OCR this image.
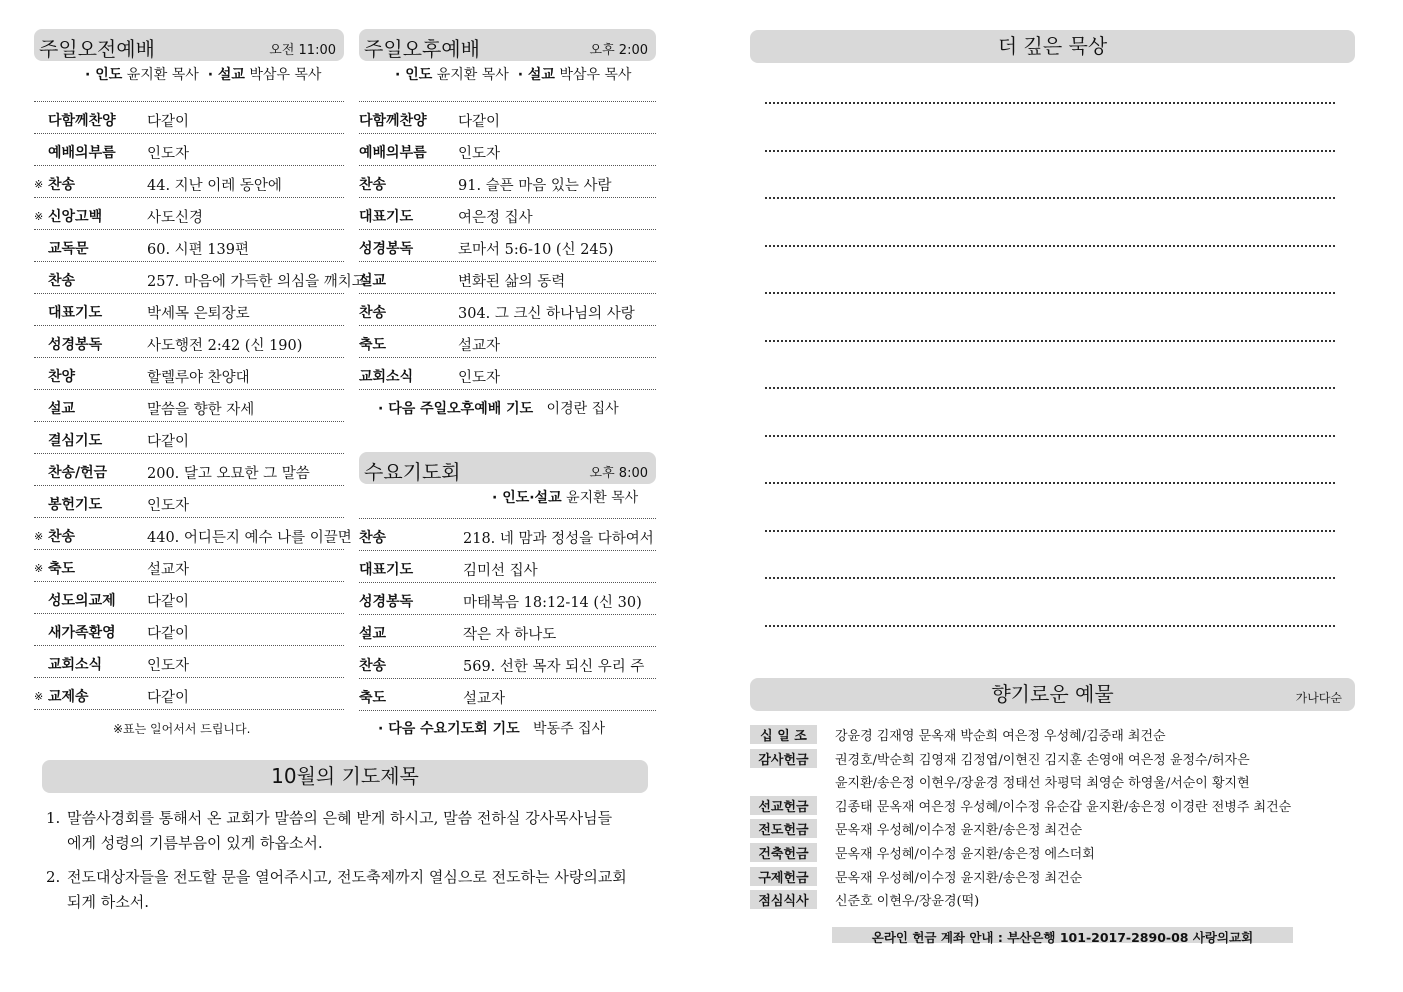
주일오전예배	오전 11:00
· 인도 윤지환 목사 · 설교 박삼우 목사
다함께찬양	다같이
예배의부름	인도자
※ 찬송	44. 지난 이레 동안에
※ 신앙고백	사도신경
교독문	60. 시편 139편
찬송	257. 마음에 가득한 의심을 깨치고
대표기도	박세목 은퇴장로
성경봉독	사도행전 2:42 (신 190)
찬양	할렐루야 찬양대
설교	말씀을 향한 자세
결심기도	다같이
찬송/헌금	200. 달고 오묘한 그 말씀
봉헌기도	인도자
※ 찬송	440. 어디든지 예수 나를 이끌면
※ 축도	설교자
성도의교제	다같이
새가족환영	다같이
교회소식	인도자
※ 교제송	다같이
※표는 일어서서 드립니다.
주일오후예배	오후 2:00
· 인도 윤지환 목사 · 설교 박삼우 목사
다함께찬양 다같이
예배의부름 인도자
찬송	91. 슬픈 마음 있는 사람
대표기도	여은정 집사
성경봉독	로마서 5:6-10 (신 245)
설교	변화된 삶의 동력
찬송	304. 그 크신 하나님의 사랑
축도	설교자
교회소식	인도자
· 다음 주일오후예배 기도 이경란 집사
수요기도회	오후 8:00
· 인도·설교 윤지환 목사
찬송	218. 네 맘과 정성을 다하여서
대표기도	김미선 집사
성경봉독	마태복음 18:12-14 (신 30)
설교	작은 자 하나도
찬송	569. 선한 목자 되신 우리 주
축도	설교자
· 다음 수요기도회 기도 박동주 집사
10월의 기도제목
1. 말씀사경회를 통해서 온 교회가 말씀의 은혜 받게 하시고, 말씀 전하실 강사목사님들
에게 성령의 기름부음이 있게 하옵소서.
2. 전도대상자들을 전도할 문을 열어주시고, 전도축제까지 열심으로 전도하는 사랑의교회
되게 하소서.
더 깊은 묵상
향기로운 예물	가나다순
십 일 조 강윤경 김재영 문옥재 박순희 여은정 우성혜/김중래 최건순
감사헌금 권경호/박순희 김영재 김정엽/이현진 김지훈 손영애 여은정 윤정수/허자은
윤지환/송은정 이현우/장윤경 정태선 차평덕 최영순 하영울/서순이 황지현
선교헌금 김종태 문옥재 여은정 우성혜/이수정 유순갑 윤지환/송은정 이경란 전병주 최건순
전도헌금 문옥재 우성혜/이수정 윤지환/송은정 최건순
건축헌금 문옥재 우성혜/이수정 윤지환/송은정 에스더회
구제헌금 문옥재 우성혜/이수정 윤지환/송은정 최건순
점심식사 신준호 이현우/장윤경(떡)
온라인 헌금 계좌 안내 : 부산은행 101-2017-2890-08 사랑의교회
